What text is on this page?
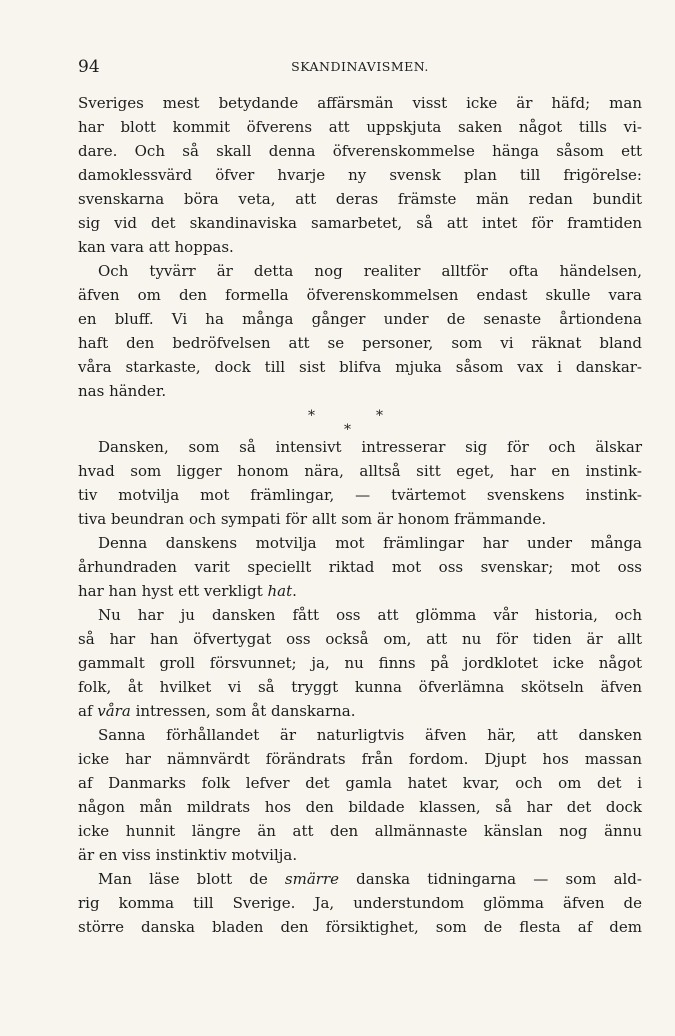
94	SKANDINAVISMEN.
Sveriges mest betydande affärsmän visst icke är häfd; man
har blott kommit öfverens att uppskjuta saken något tills vi-
dare. Och så skall denna öfverenskommelse hänga såsom ett
damoklessvärd öfver hvarje ny svensk plan till frigörelse:
svenskarna böra veta, att deras främste män redan bundit
sig vid det skandinaviska samarbetet, så att intet för framtiden
kan vara att hoppas.
Och tyvärr är detta nog realiter alltför ofta händelsen,
äfven om den formella öfverenskommelsen endast skulle vara
en bluff. Vi ha många gånger under de senaste årtiondena
haft den bedröfvelsen att se personer, som vi räknat bland
våra starkaste, dock till sist blifva mjuka såsom vax i danskar-
nas händer.
*	*
*
Dansken, som så intensivt intresserar sig för och älskar
hvad som ligger honom nära, alltså sitt eget, har en instink-
tiv motvilja mot främlingar, — tvärtemot svenskens instink-
tiva beundran och sympati för allt som är honom främmande.
Denna danskens motvilja mot främlingar har under många
århundraden varit speciellt riktad mot oss svenskar; mot oss
har han hyst ett verkligt hat.
Nu har ju dansken fått oss att glömma vår historia, och
så har han öfvertygat oss också om, att nu för tiden är allt
gammalt groll försvunnet; ja, nu finns på jordklotet icke något
folk, åt hvilket vi så tryggt kunna öfverlämna skötseln äfven
af våra intressen, som åt danskarna.
Sanna förhållandet är naturligtvis äfven här, att dansken
icke har nämnvärdt förändrats från fordom. Djupt hos massan
af Danmarks folk lefver det gamla hatet kvar, och om det i
någon mån mildrats hos den bildade klassen, så har det dock
icke hunnit längre än att den allmännaste känslan nog ännu
är en viss instinktiv motvilja.
Man läse blott de smärre danska tidningarna — som ald-
rig komma till Sverige. Ja, understundom glömma äfven de
större danska bladen den försiktighet, som de flesta af dem
